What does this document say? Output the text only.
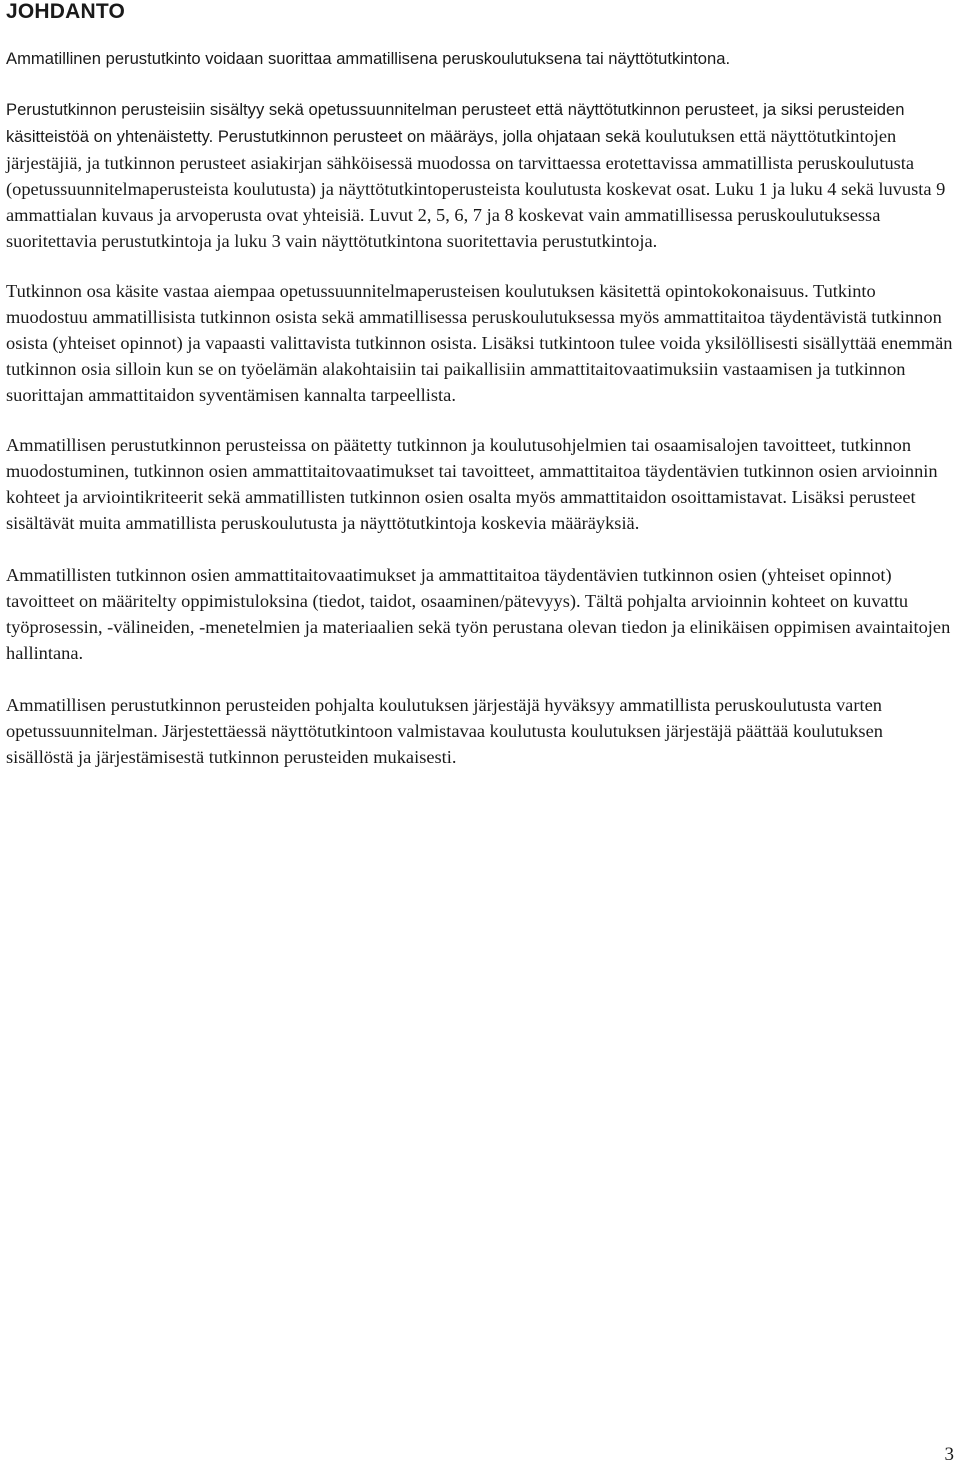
JOHDANTO

Ammatillinen perustutkinto voidaan suorittaa ammatillisena peruskoulutuksena tai näyttötutkintona.

Perustutkinnon perusteisiin sisältyy sekä opetussuunnitelman perusteet että näyttötutkinnon perusteet, ja siksi perusteiden käsitteistöä on yhtenäistetty. Perustutkinnon perusteet on määräys, jolla ohjataan sekä koulutuksen että näyttötutkintojen järjestäjiä, ja tutkinnon perusteet asiakirjan sähköisessä muodossa on tarvittaessa erotettavissa ammatillista peruskoulutusta (opetussuunnitelmaperusteista koulutusta) ja näyttötutkintoperusteista koulutusta koskevat osat. Luku 1 ja luku 4 sekä luvusta 9 ammattialan kuvaus ja arvoperusta ovat yhteisiä. Luvut 2, 5, 6, 7 ja 8 koskevat vain ammatillisessa peruskoulutuksessa suoritettavia perustutkintoja ja luku 3 vain näyttötutkintona suoritettavia perustutkintoja.

Tutkinnon osa käsite vastaa aiempaa opetussuunnitelmaperusteisen koulutuksen käsitettä opintokokonaisuus. Tutkinto muodostuu ammatillisista tutkinnon osista sekä ammatillisessa peruskoulutuksessa myös ammattitaitoa täydentävistä tutkinnon osista (yhteiset opinnot) ja vapaasti valittavista tutkinnon osista. Lisäksi tutkintoon tulee voida yksilöllisesti sisällyttää enemmän tutkinnon osia silloin kun se on työelämän alakohtaisiin tai paikallisiin ammattitaitovaatimuksiin vastaamisen ja tutkinnon suorittajan ammattitaidon syventämisen kannalta tarpeellista.

Ammatillisen perustutkinnon perusteissa on päätetty tutkinnon ja koulutusohjelmien tai osaamisalojen tavoitteet, tutkinnon muodostuminen, tutkinnon osien ammattitaitovaatimukset tai tavoitteet, ammattitaitoa täydentävien tutkinnon osien arvioinnin kohteet ja arviointikriteerit sekä ammatillisten tutkinnon osien osalta myös ammattitaidon osoittamistavat. Lisäksi perusteet sisältävät muita ammatillista peruskoulutusta ja näyttötutkintoja koskevia määräyksiä.

Ammatillisten tutkinnon osien ammattitaitovaatimukset ja ammattitaitoa täydentävien tutkinnon osien (yhteiset opinnot) tavoitteet on määritelty oppimistuloksina (tiedot, taidot, osaaminen/pätevyys). Tältä pohjalta arvioinnin kohteet on kuvattu työprosessin, -välineiden, -menetelmien ja materiaalien sekä työn perustana olevan tiedon ja elinikäisen oppimisen avaintaitojen hallintana.

Ammatillisen perustutkinnon perusteiden pohjalta koulutuksen järjestäjä hyväksyy ammatillista peruskoulutusta varten opetussuunnitelman. Järjestettäessä näyttötutkintoon valmistavaa koulutusta koulutuksen järjestäjä päättää koulutuksen sisällöstä ja järjestämisestä tutkinnon perusteiden mukaisesti.

3
